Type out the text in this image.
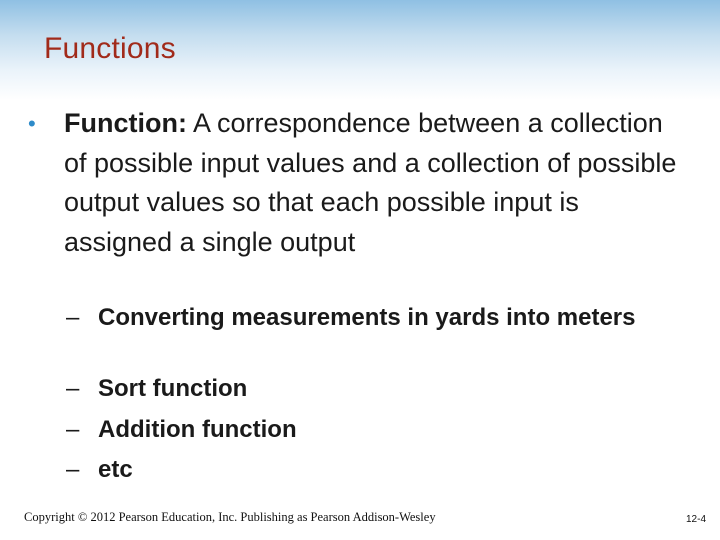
Functions
•	Function: A correspondence between a collection of possible input values and a collection of possible output values so that each possible input is assigned a single output
– Converting measurements in yards into meters
– Sort function
– Addition function
– etc
Copyright © 2012 Pearson Education, Inc. Publishing as Pearson Addison-Wesley	12-4
